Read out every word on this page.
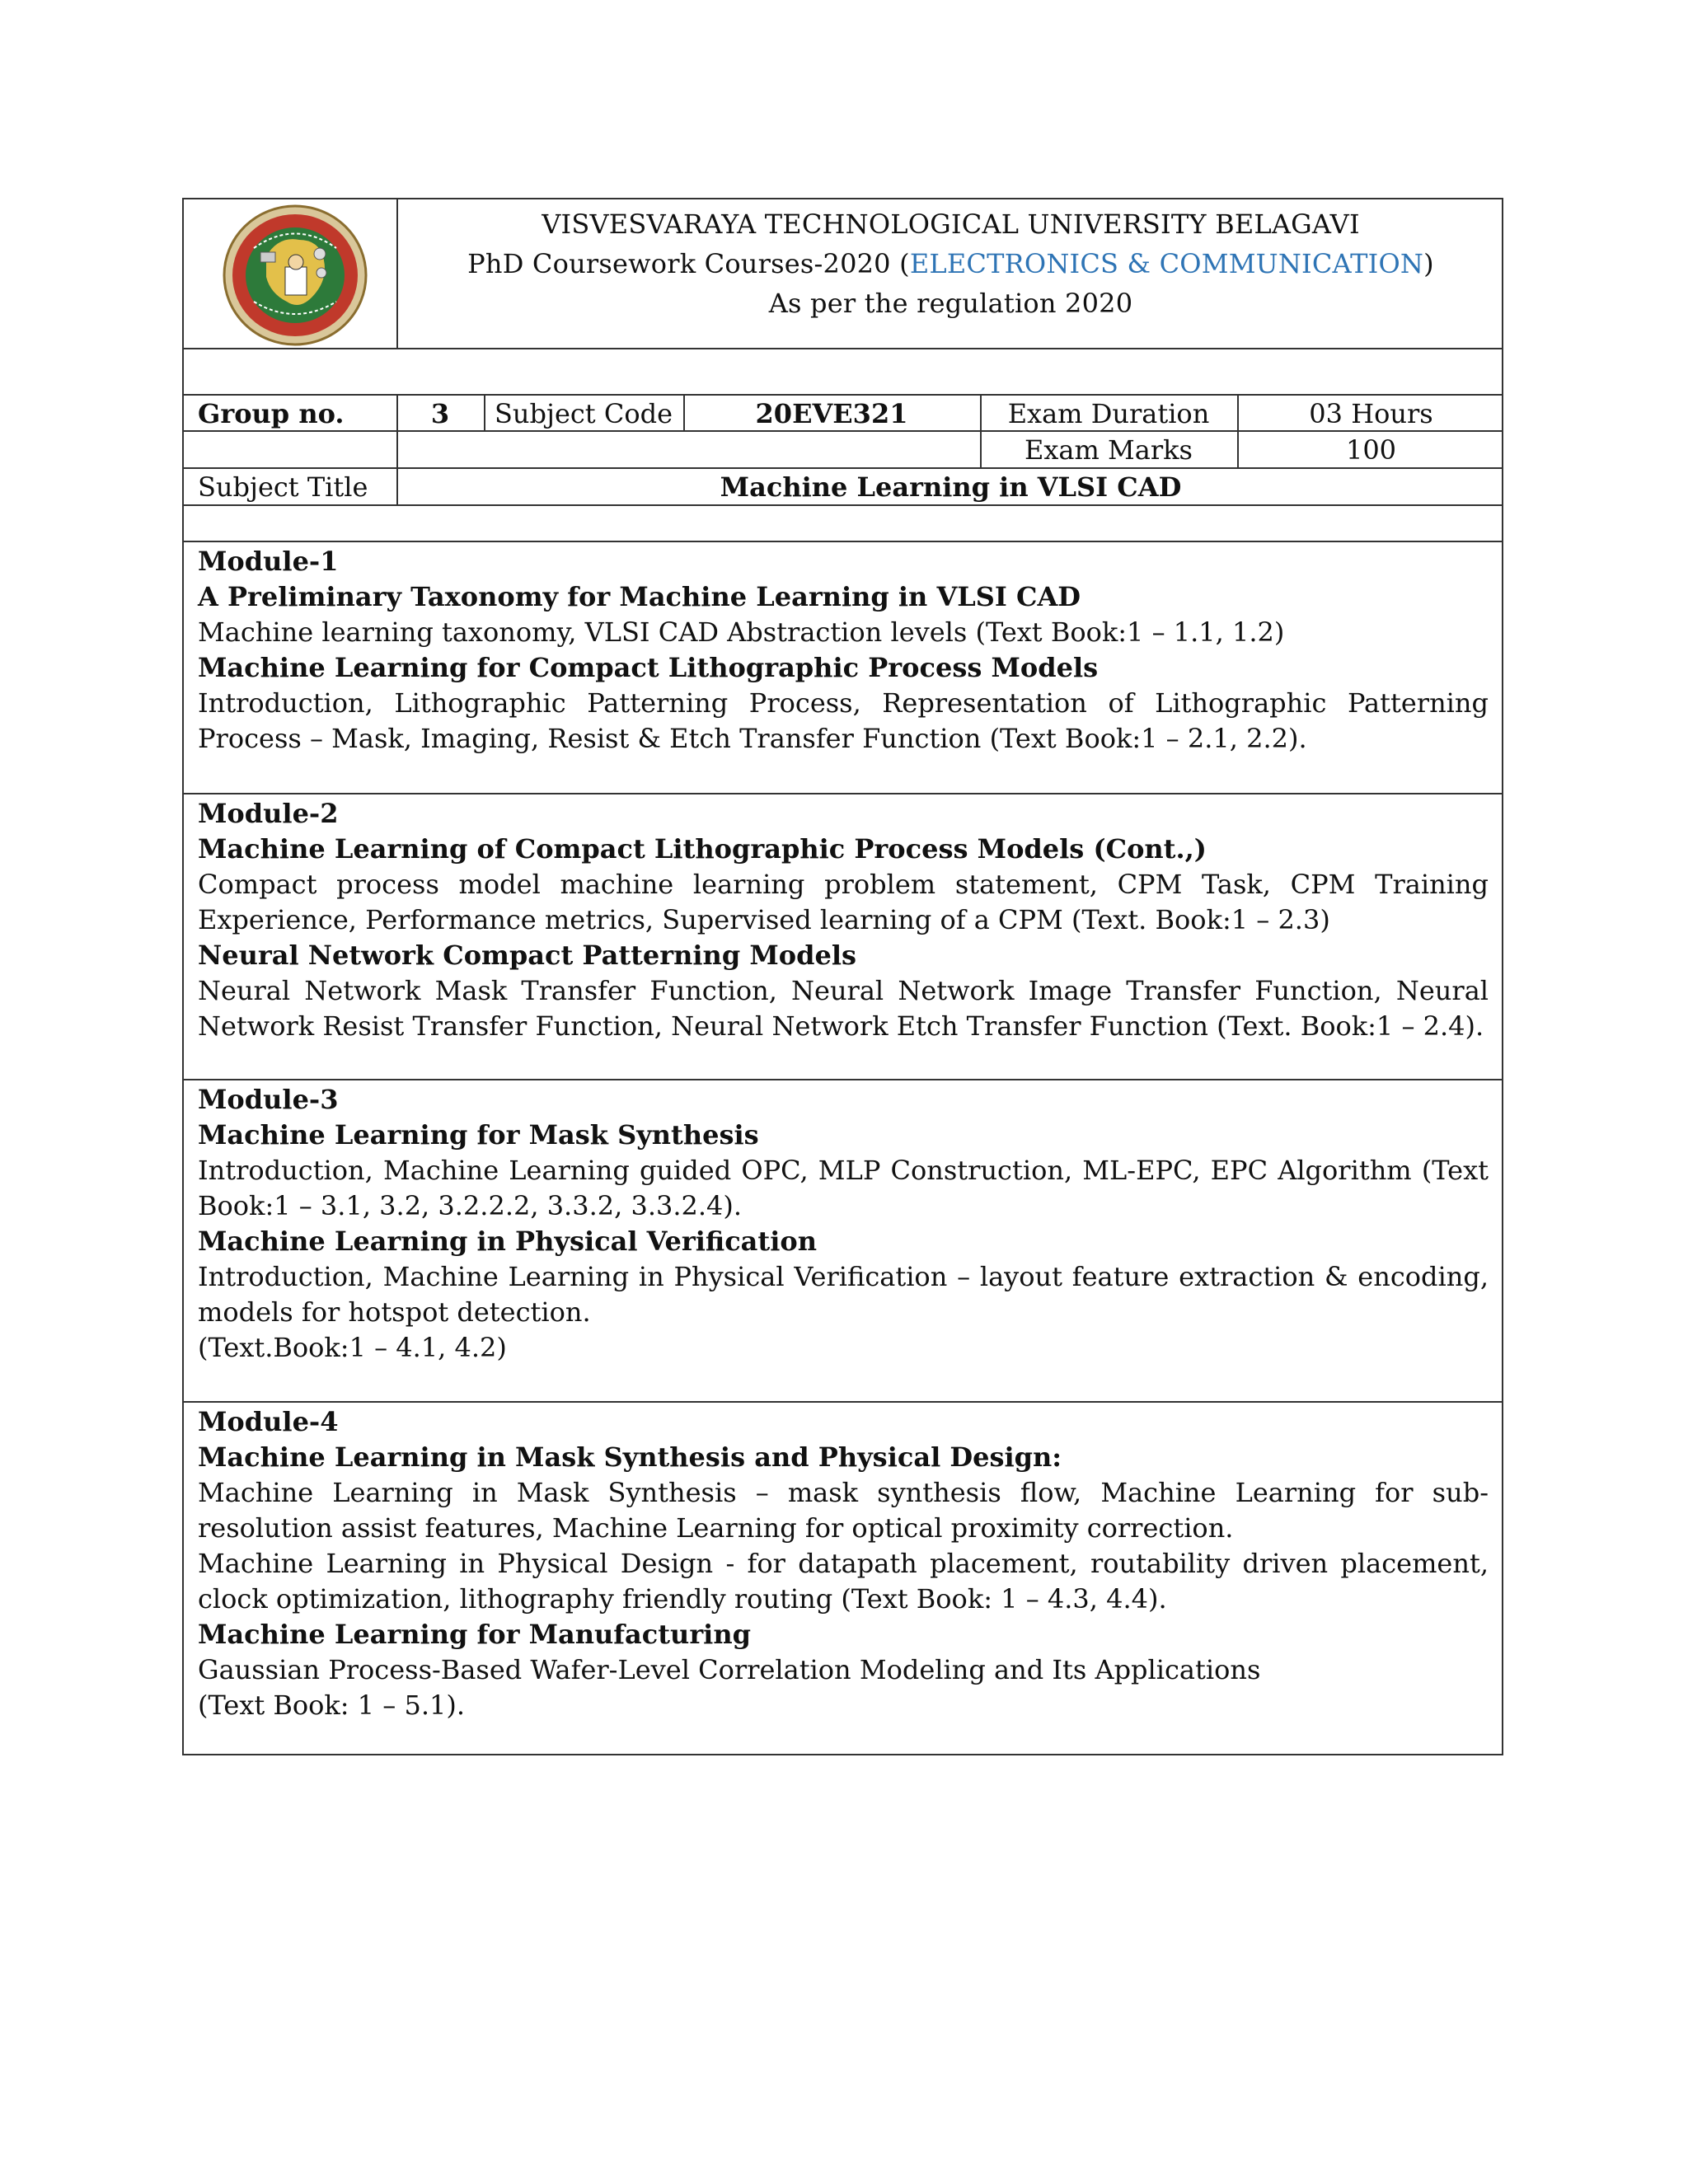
VISVESVARAYA TECHNOLOGICAL UNIVERSITY BELAGAVI
PhD Coursework Courses-2020 (ELECTRONICS & COMMUNICATION)
As per the regulation 2020
Group no.	3	Subject Code	20EVE321	Exam Duration	03 Hours
Exam Marks	100
Subject Title	Machine Learning in VLSI CAD
Module-1
A Preliminary Taxonomy for Machine Learning in VLSI CAD
Machine learning taxonomy, VLSI CAD Abstraction levels (Text Book:1 – 1.1, 1.2)
Machine Learning for Compact Lithographic Process Models
Introduction, Lithographic Patterning Process, Representation of Lithographic Patterning Process – Mask, Imaging, Resist & Etch Transfer Function (Text Book:1 – 2.1, 2.2).
Module-2
Machine Learning of Compact Lithographic Process Models (Cont.,)
Compact process model machine learning problem statement, CPM Task, CPM Training Experience, Performance metrics, Supervised learning of a CPM (Text. Book:1 – 2.3)
Neural Network Compact Patterning Models
Neural Network Mask Transfer Function, Neural Network Image Transfer Function, Neural Network Resist Transfer Function, Neural Network Etch Transfer Function (Text. Book:1 – 2.4).
Module-3
Machine Learning for Mask Synthesis
Introduction, Machine Learning guided OPC, MLP Construction, ML-EPC, EPC Algorithm (Text Book:1 – 3.1, 3.2, 3.2.2.2, 3.3.2, 3.3.2.4).
Machine Learning in Physical Verification
Introduction, Machine Learning in Physical Verification – layout feature extraction & encoding, models for hotspot detection.
(Text.Book:1 – 4.1, 4.2)
Module-4
Machine Learning in Mask Synthesis and Physical Design:
Machine Learning in Mask Synthesis – mask synthesis flow, Machine Learning for sub-resolution assist features, Machine Learning for optical proximity correction.
Machine Learning in Physical Design - for datapath placement, routability driven placement, clock optimization, lithography friendly routing (Text Book: 1 – 4.3, 4.4).
Machine Learning for Manufacturing
Gaussian Process-Based Wafer-Level Correlation Modeling and Its Applications
(Text Book: 1 – 5.1).
